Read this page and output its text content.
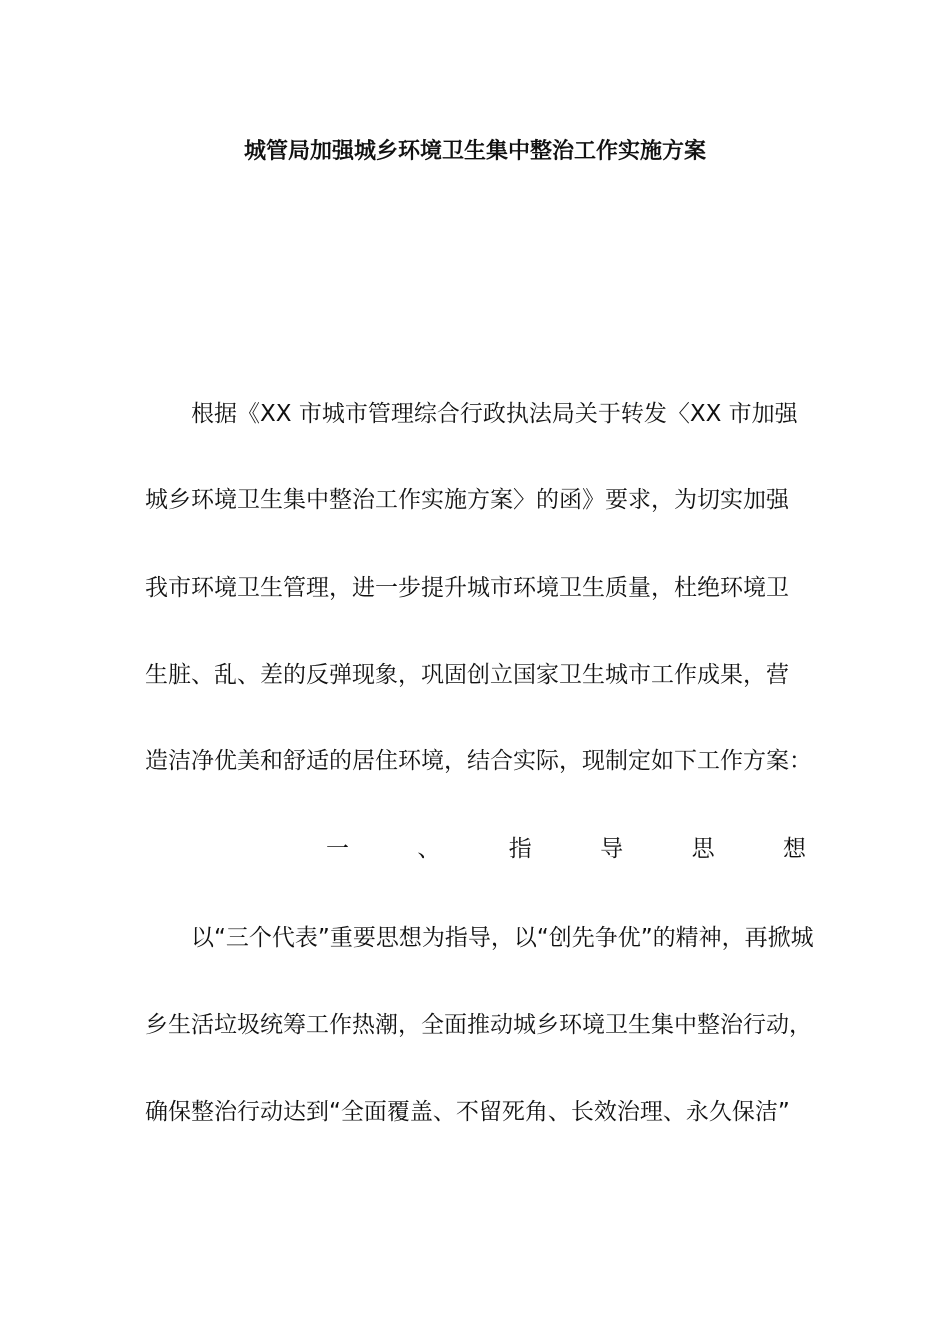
城管局加强城乡环境卫生集中整治工作实施方案
根据《XX 市城市管理综合行政执法局关于转发〈XX 市加强
城乡环境卫生集中整治工作实施方案〉的函》要求，为切实加强
我市环境卫生管理，进一步提升城市环境卫生质量，杜绝环境卫
生脏、乱、差的反弹现象，巩固创立国家卫生城市工作成果，营
造洁净优美和舒适的居住环境，结合实际，现制定如下工作方案：
一	、	指	导	思	想
以“三个代表”重要思想为指导，以“创先争优”的精神，再掀城
乡生活垃圾统筹工作热潮，全面推动城乡环境卫生集中整治行动，
确保整治行动达到“全面覆盖、不留死角、长效治理、永久保洁”
